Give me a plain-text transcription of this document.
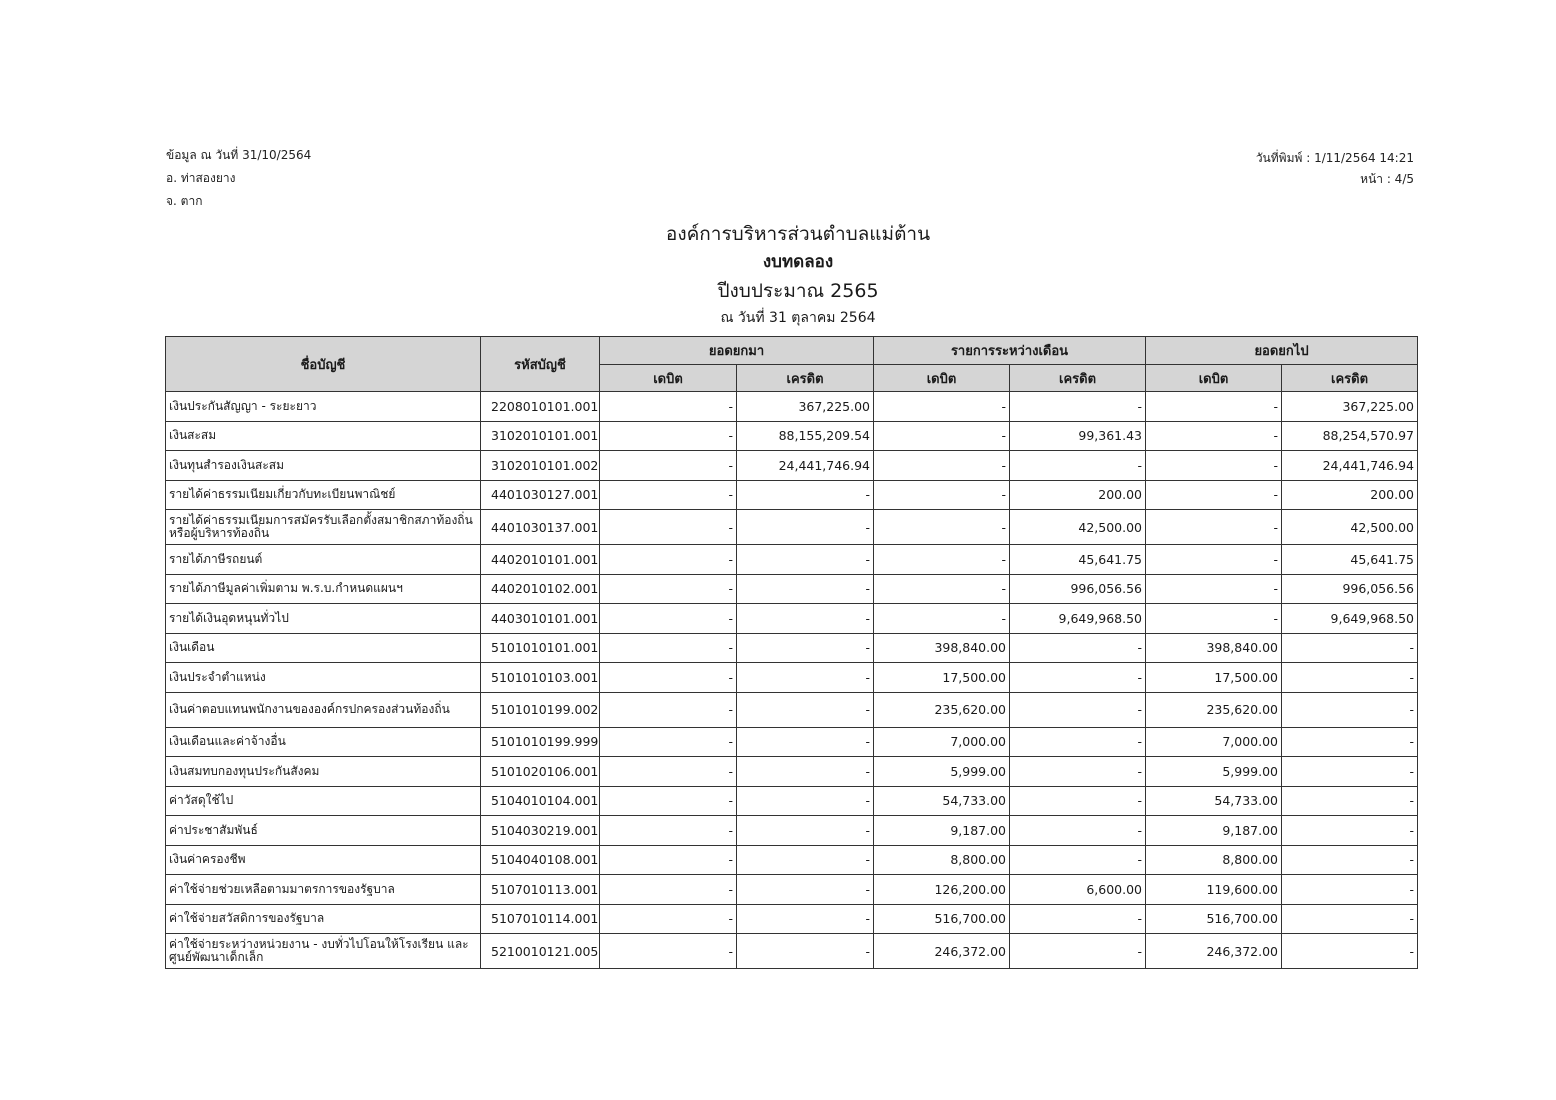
ข้อมูล ณ วันที่ 31/10/2564
อ. ท่าสองยาง
จ. ตาก
วันที่พิมพ์ : 1/11/2564 14:21
หน้า : 4/5
องค์การบริหารส่วนตำบลแม่ต้าน
งบทดลอง
ปีงบประมาณ 2565
ณ วันที่ 31 ตุลาคม 2564
ชื่อบัญชี	รหัสบัญชี	ยอดยกมา		รายการระหว่างเดือน		ยอดยกไป	
		เดบิต	เครดิต	เดบิต	เครดิต	เดบิต	เครดิต
เงินประกันสัญญา - ระยะยาว	2208010101.001	-	367,225.00	-	-	-	367,225.00
เงินสะสม	3102010101.001	-	88,155,209.54	-	99,361.43	-	88,254,570.97
เงินทุนสำรองเงินสะสม	3102010101.002	-	24,441,746.94	-	-	-	24,441,746.94
รายได้ค่าธรรมเนียมเกี่ยวกับทะเบียนพาณิชย์	4401030127.001	-	-	-	200.00	-	200.00
รายได้ค่าธรรมเนียมการสมัครรับเลือกตั้งสมาชิกสภาท้องถิ่นหรือผู้บริหารท้องถิ่น	4401030137.001	-	-	-	42,500.00	-	42,500.00
รายได้ภาษีรถยนต์	4402010101.001	-	-	-	45,641.75	-	45,641.75
รายได้ภาษีมูลค่าเพิ่มตาม พ.ร.บ.กำหนดแผนฯ	4402010102.001	-	-	-	996,056.56	-	996,056.56
รายได้เงินอุดหนุนทั่วไป	4403010101.001	-	-	-	9,649,968.50	-	9,649,968.50
เงินเดือน	5101010101.001	-	-	398,840.00	-	398,840.00	-
เงินประจำตำแหน่ง	5101010103.001	-	-	17,500.00	-	17,500.00	-
เงินค่าตอบแทนพนักงานขององค์กรปกครองส่วนท้องถิ่น	5101010199.002	-	-	235,620.00	-	235,620.00	-
เงินเดือนและค่าจ้างอื่น	5101010199.999	-	-	7,000.00	-	7,000.00	-
เงินสมทบกองทุนประกันสังคม	5101020106.001	-	-	5,999.00	-	5,999.00	-
ค่าวัสดุใช้ไป	5104010104.001	-	-	54,733.00	-	54,733.00	-
ค่าประชาสัมพันธ์	5104030219.001	-	-	9,187.00	-	9,187.00	-
เงินค่าครองชีพ	5104040108.001	-	-	8,800.00	-	8,800.00	-
ค่าใช้จ่ายช่วยเหลือตามมาตรการของรัฐบาล	5107010113.001	-	-	126,200.00	6,600.00	119,600.00	-
ค่าใช้จ่ายสวัสดิการของรัฐบาล	5107010114.001	-	-	516,700.00	-	516,700.00	-
ค่าใช้จ่ายระหว่างหน่วยงาน - งบทั่วไปโอนให้โรงเรียน และศูนย์พัฒนาเด็กเล็ก	5210010121.005	-	-	246,372.00	-	246,372.00	-
